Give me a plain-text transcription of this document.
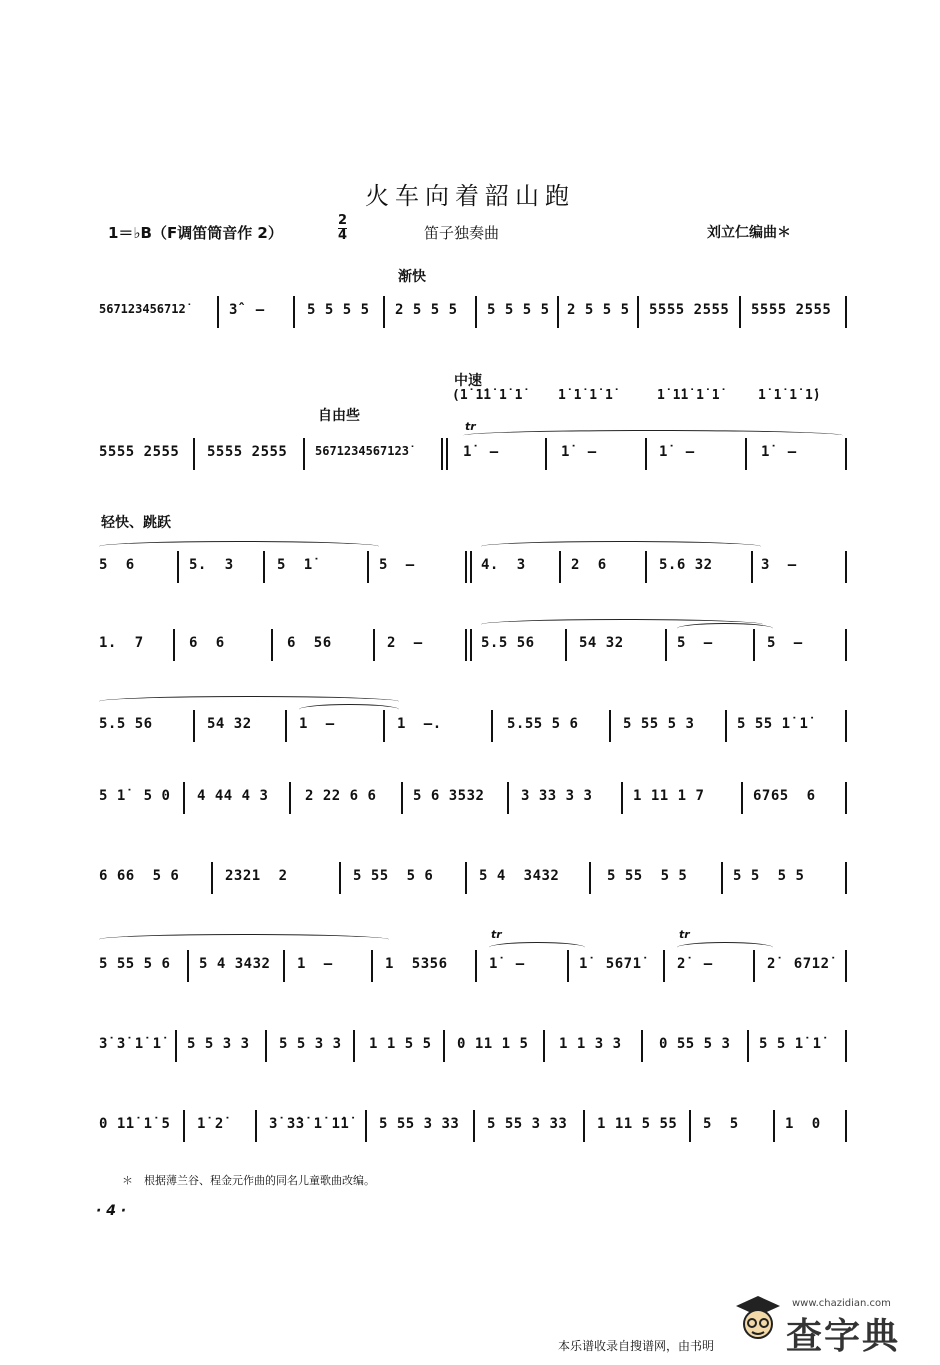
火车向着韶山跑
1＝♭B（F调笛筒音作 2）
2
4	笛子独奏曲	刘立仁编曲＊
渐快
中速
自由些
轻快、跳跃
(1̇ 1̇1̇ 1̇ 1̇	1̇ 1̇ 1̇ 1̇	1̇ 1̇1̇ 1̇ 1̇	1̇ 1̇ 1̇ 1̇)
567123456712̇	3̂  –	5 5 5 5	2 5 5 5	5 5 5 5	2 5 5 5	5555 2555	5555 2555
5555 2555	5555 2555	5671234567123̇	1̇  –	1̇  –	1̇  –	1̇  –
tr
5  6	5.  3	5  1̇	5  –	4.  3	2  6	5.6 32	3  –
1.  7	6  6	6  56	2  –	5.5 56	54 32	5  –	5  –
5.5 56	54 32	1  –	1  –.	5.55 5 6	5 55 5 3	5 55 1̇ 1̇
5 1̇  5 0	4 44 4 3	2 22 6 6	5 6 3532	3 33 3 3	1 11 1 7	6765  6
6 66  5 6	2321  2	5 55  5 6	5 4  3432	5 55  5 5	5 5  5 5
5 55 5 6	5 4 3432	1  –	1  5356	1̇  –	1̇  5671̇	2̇  –	2̇  6712̇
tr	tr
3̇ 3̇ 1̇ 1̇	5 5 3 3	5 5 3 3	1 1 5 5	0 11 1 5	1 1 3 3	0 55 5 3	5 5 1̇ 1̇
0 1̇1̇ 1̇ 5	1̇ 2̇	3̇ 3̇3̇ 1̇ 1̇1̇	5 55 3 33	5 55 3 33	1 11 5 55	5  5	1  0
＊　根据薄兰谷、程金元作曲的同名儿童歌曲改编。
· 4 ·
本乐谱收录自搜谱网，由书明
www.chazidian.com
查字典
